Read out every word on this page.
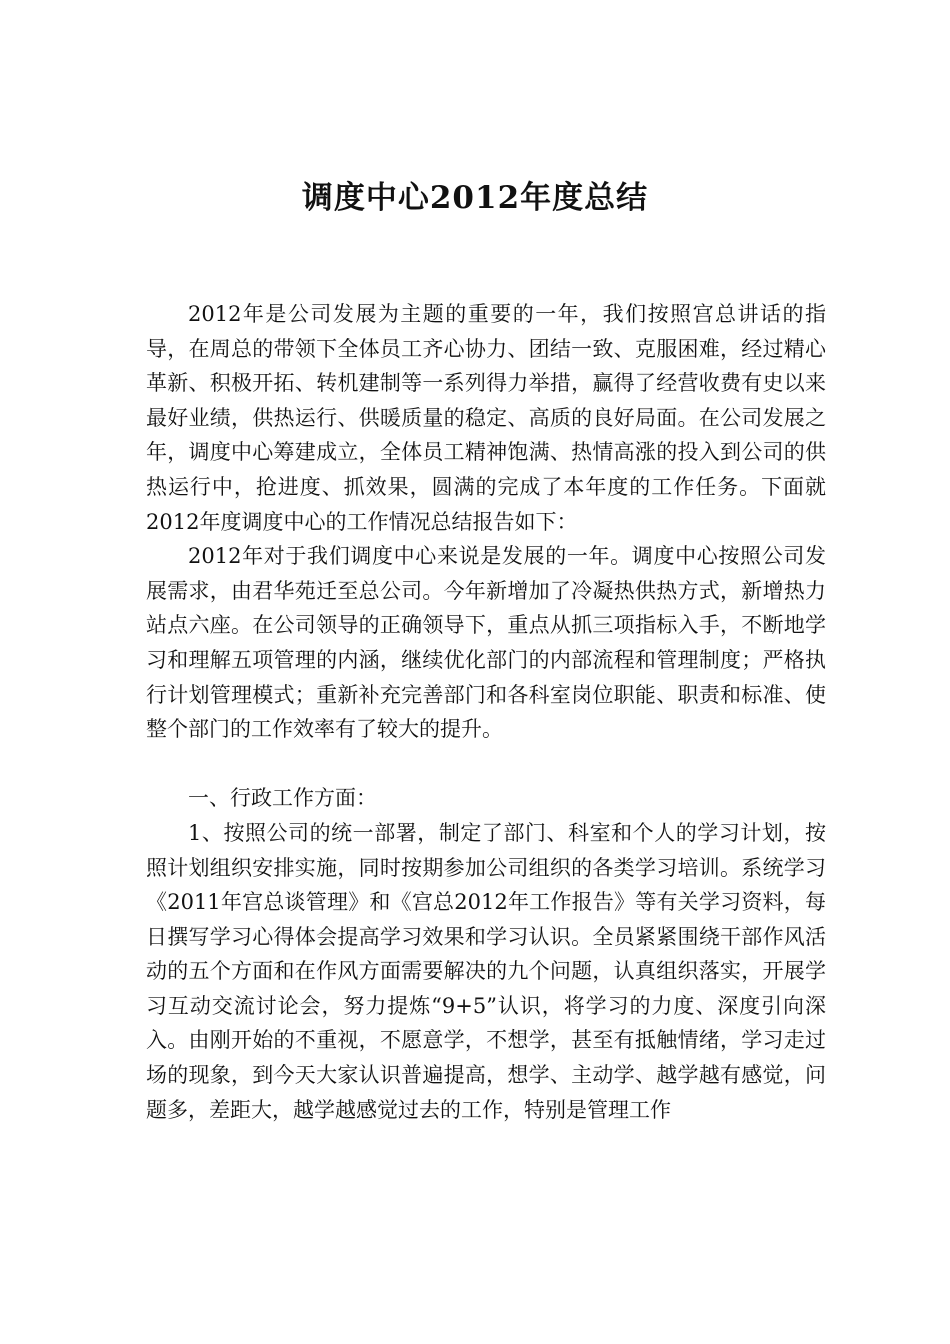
调度中心2012年度总结

2012年是公司发展为主题的重要的一年，我们按照宫总讲话的指导，在周总的带领下全体员工齐心协力、团结一致、克服困难，经过精心革新、积极开拓、转机建制等一系列得力举措，赢得了经营收费有史以来最好业绩，供热运行、供暖质量的稳定、高质的良好局面。在公司发展之年，调度中心筹建成立，全体员工精神饱满、热情高涨的投入到公司的供热运行中，抢进度、抓效果，圆满的完成了本年度的工作任务。下面就2012年度调度中心的工作情况总结报告如下：

2012年对于我们调度中心来说是发展的一年。调度中心按照公司发展需求，由君华苑迁至总公司。今年新增加了冷凝热供热方式，新增热力站点六座。在公司领导的正确领导下，重点从抓三项指标入手，不断地学习和理解五项管理的内涵，继续优化部门的内部流程和管理制度；严格执行计划管理模式；重新补充完善部门和各科室岗位职能、职责和标准、使整个部门的工作效率有了较大的提升。

一、行政工作方面：

1、按照公司的统一部署，制定了部门、科室和个人的学习计划，按照计划组织安排实施，同时按期参加公司组织的各类学习培训。系统学习《2011年宫总谈管理》和《宫总2012年工作报告》等有关学习资料，每日撰写学习心得体会提高学习效果和学习认识。全员紧紧围绕干部作风活动的五个方面和在作风方面需要解决的九个问题，认真组织落实，开展学习互动交流讨论会，努力提炼“9+5”认识，将学习的力度、深度引向深入。由刚开始的不重视，不愿意学，不想学，甚至有抵触情绪，学习走过场的现象，到今天大家认识普遍提高，想学、主动学、越学越有感觉，问题多，差距大，越学越感觉过去的工作，特别是管理工作
